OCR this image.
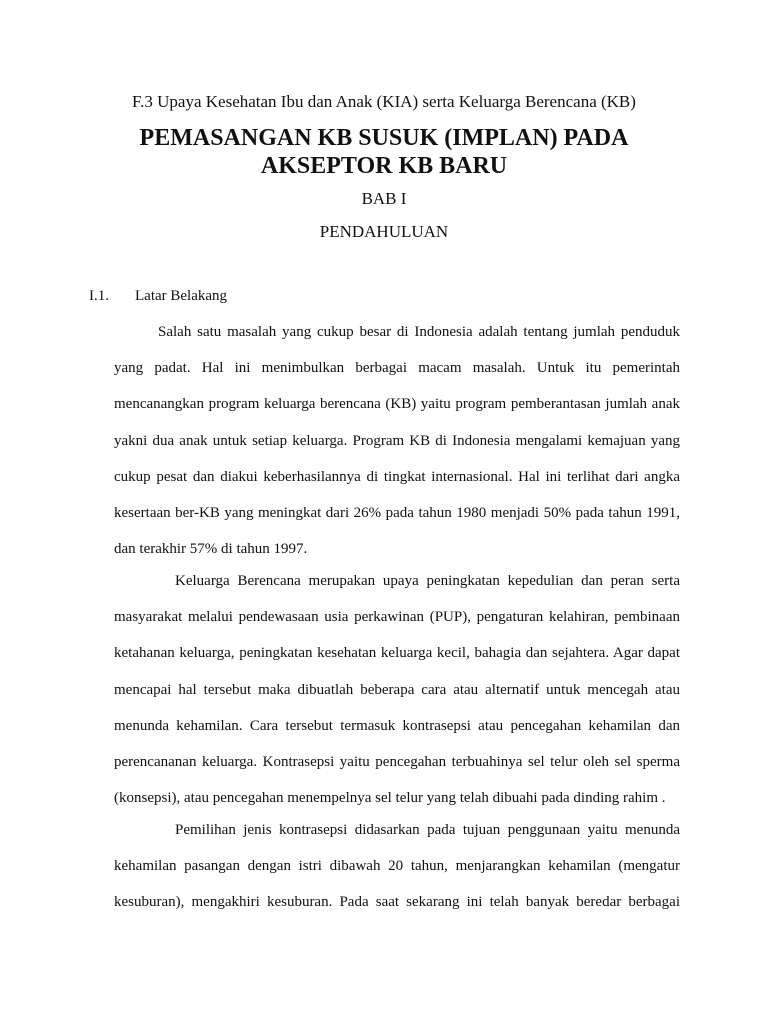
F.3 Upaya Kesehatan Ibu dan Anak (KIA) serta Keluarga Berencana (KB)
PEMASANGAN KB SUSUK (IMPLAN) PADA
AKSEPTOR KB BARU
BAB I
PENDAHULUAN
I.1. Latar Belakang
Salah satu masalah yang cukup besar di Indonesia adalah tentang jumlah penduduk
yang padat. Hal ini menimbulkan berbagai macam masalah. Untuk itu pemerintah
mencanangkan program keluarga berencana (KB) yaitu program pemberantasan jumlah anak
yakni dua anak untuk setiap keluarga. Program KB di Indonesia mengalami kemajuan yang
cukup pesat dan diakui keberhasilannya di tingkat internasional. Hal ini terlihat dari angka
kesertaan ber-KB yang meningkat dari 26% pada tahun 1980 menjadi 50% pada tahun 1991,
dan terakhir 57% di tahun 1997.
Keluarga Berencana merupakan upaya peningkatan kepedulian dan peran serta
masyarakat melalui pendewasaan usia perkawinan (PUP), pengaturan kelahiran, pembinaan
ketahanan keluarga, peningkatan kesehatan keluarga kecil, bahagia dan sejahtera. Agar dapat
mencapai hal tersebut maka dibuatlah beberapa cara atau alternatif untuk mencegah atau
menunda kehamilan. Cara tersebut termasuk kontrasepsi atau pencegahan kehamilan dan
perencananan keluarga. Kontrasepsi yaitu pencegahan terbuahinya sel telur oleh sel sperma
(konsepsi), atau pencegahan menempelnya sel telur yang telah dibuahi pada dinding rahim .
Pemilihan jenis kontrasepsi didasarkan pada tujuan penggunaan yaitu menunda
kehamilan pasangan dengan istri dibawah 20 tahun, menjarangkan kehamilan (mengatur
kesuburan), mengakhiri kesuburan. Pada saat sekarang ini telah banyak beredar berbagai
